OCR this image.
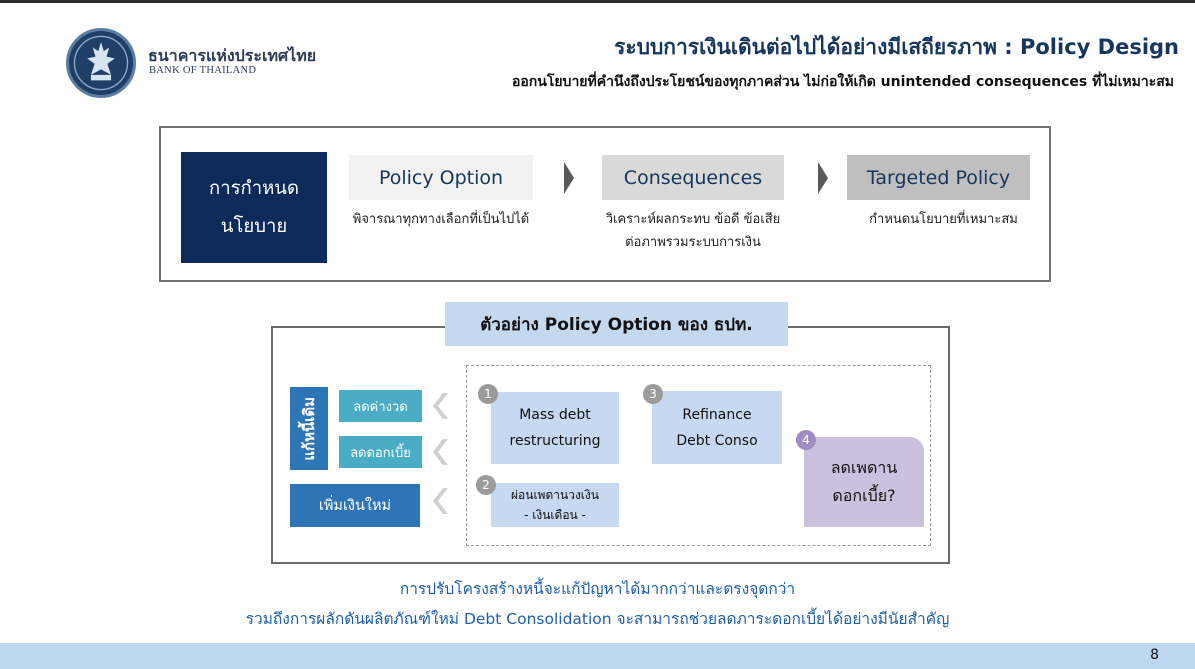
ธนาคารแห่งประเทศไทย
BANK OF THAILAND
ระบบการเงินเดินต่อไปได้อย่างมีเสถียรภาพ : Policy Design
ออกนโยบายที่คำนึงถึงประโยชน์ของทุกภาคส่วน ไม่ก่อให้เกิด unintended consequences ที่ไม่เหมาะสม
การกำหนด
นโยบาย
Policy Option
พิจารณาทุกทางเลือกที่เป็นไปได้
Consequences
วิเคราะห์ผลกระทบ ข้อดี ข้อเสีย
ต่อภาพรวมระบบการเงิน
Targeted Policy
กำหนดนโยบายที่เหมาะสม
ตัวอย่าง Policy Option ของ ธปท.
แก้หนี้เดิม	ลดค่างวด
ลดดอกเบี้ย
เพิ่มเงินใหม่
Mass debt
restructuring
1
ผ่อนเพดานวงเงิน
- เงินเดือน -
2
Refinance
Debt Conso
3
ลดเพดาน
ดอกเบี้ย?
4
การปรับโครงสร้างหนี้จะแก้ปัญหาได้มากกว่าและตรงจุดกว่า
รวมถึงการผลักดันผลิตภัณฑ์ใหม่ Debt Consolidation จะสามารถช่วยลดภาระดอกเบี้ยได้อย่างมีนัยสำคัญ
8
